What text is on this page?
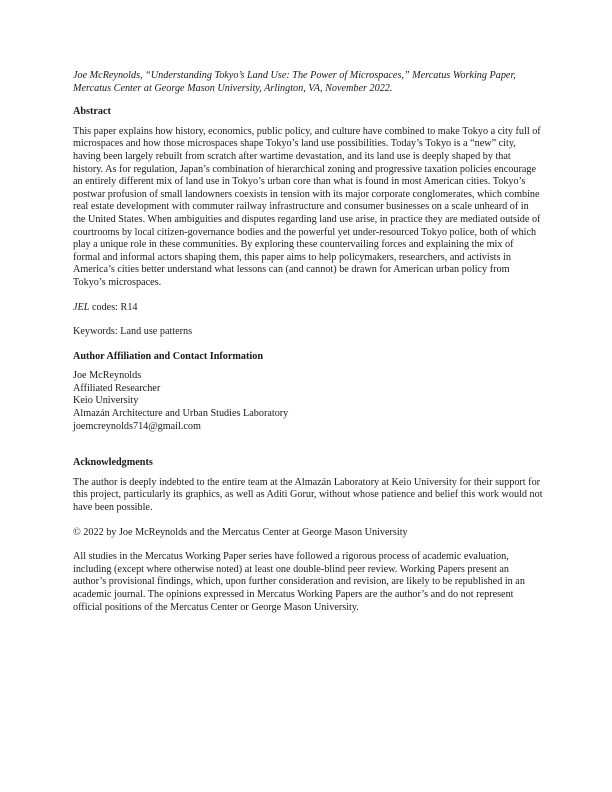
Joe McReynolds, “Understanding Tokyo’s Land Use: The Power of Microspaces,” Mercatus Working Paper, Mercatus Center at George Mason University, Arlington, VA, November 2022.

Abstract

This paper explains how history, economics, public policy, and culture have combined to make Tokyo a city full of microspaces and how those microspaces shape Tokyo’s land use possibilities. Today’s Tokyo is a “new” city, having been largely rebuilt from scratch after wartime devastation, and its land use is deeply shaped by that history. As for regulation, Japan’s combination of hierarchical zoning and progressive taxation policies encourage an entirely different mix of land use in Tokyo’s urban core than what is found in most American cities. Tokyo’s postwar profusion of small landowners coexists in tension with its major corporate conglomerates, which combine real estate development with commuter railway infrastructure and consumer businesses on a scale unheard of in the United States. When ambiguities and disputes regarding land use arise, in practice they are mediated outside of courtrooms by local citizen-governance bodies and the powerful yet under-resourced Tokyo police, both of which play a unique role in these communities. By exploring these countervailing forces and explaining the mix of formal and informal actors shaping them, this paper aims to help policymakers, researchers, and activists in America’s cities better understand what lessons can (and cannot) be drawn for American urban policy from Tokyo’s microspaces.

JEL codes: R14

Keywords: Land use patterns

Author Affiliation and Contact Information
Joe McReynolds
Affiliated Researcher
Keio University
Almazán Architecture and Urban Studies Laboratory
joemcreynolds714@gmail.com
Acknowledgments

The author is deeply indebted to the entire team at the Almazán Laboratory at Keio University for their support for this project, particularly its graphics, as well as Aditi Gorur, without whose patience and belief this work would not have been possible.

© 2022 by Joe McReynolds and the Mercatus Center at George Mason University

All studies in the Mercatus Working Paper series have followed a rigorous process of academic evaluation, including (except where otherwise noted) at least one double-blind peer review. Working Papers present an author’s provisional findings, which, upon further consideration and revision, are likely to be republished in an academic journal. The opinions expressed in Mercatus Working Papers are the author’s and do not represent official positions of the Mercatus Center or George Mason University.
